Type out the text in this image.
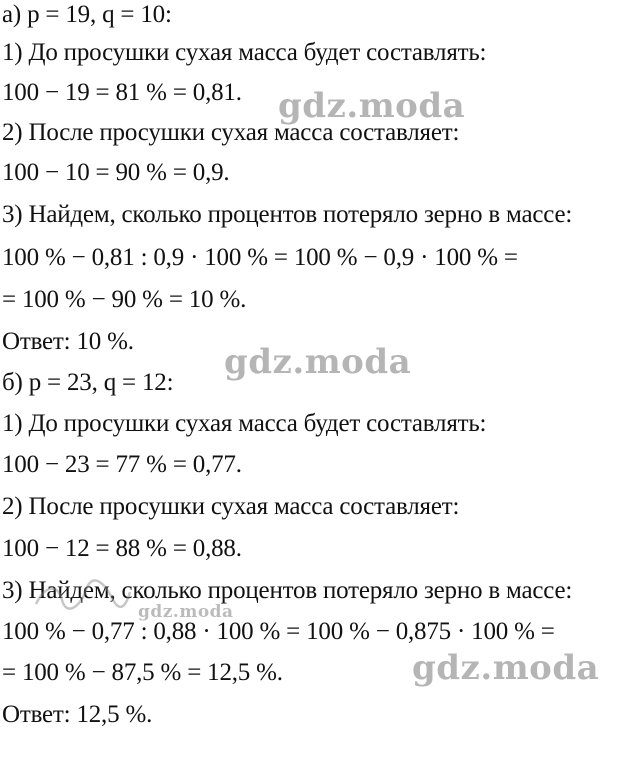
а) p = 19, q = 10:
1) До просушки сухая масса будет составлять:
100 − 19 = 81 % = 0,81.
2) После просушки сухая масса составляет:
100 − 10 = 90 % = 0,9.
3) Найдем, сколько процентов потеряло зерно в массе:
100 % − 0,81 : 0,9 · 100 % = 100 % − 0,9 · 100 % =
= 100 % − 90 % = 10 %.
Ответ: 10 %.
б) p = 23, q = 12:
1) До просушки сухая масса будет составлять:
100 − 23 = 77 % = 0,77.
2) После просушки сухая масса составляет:
100 − 12 = 88 % = 0,88.
3) Найдем, сколько процентов потеряло зерно в массе:
100 % − 0,77 : 0,88 · 100 % = 100 % − 0,875 · 100 % =
= 100 % − 87,5 % = 12,5 %.
Ответ: 12,5 %.
gdz.moda
gdz.moda
gdz.moda
gdz.moda
